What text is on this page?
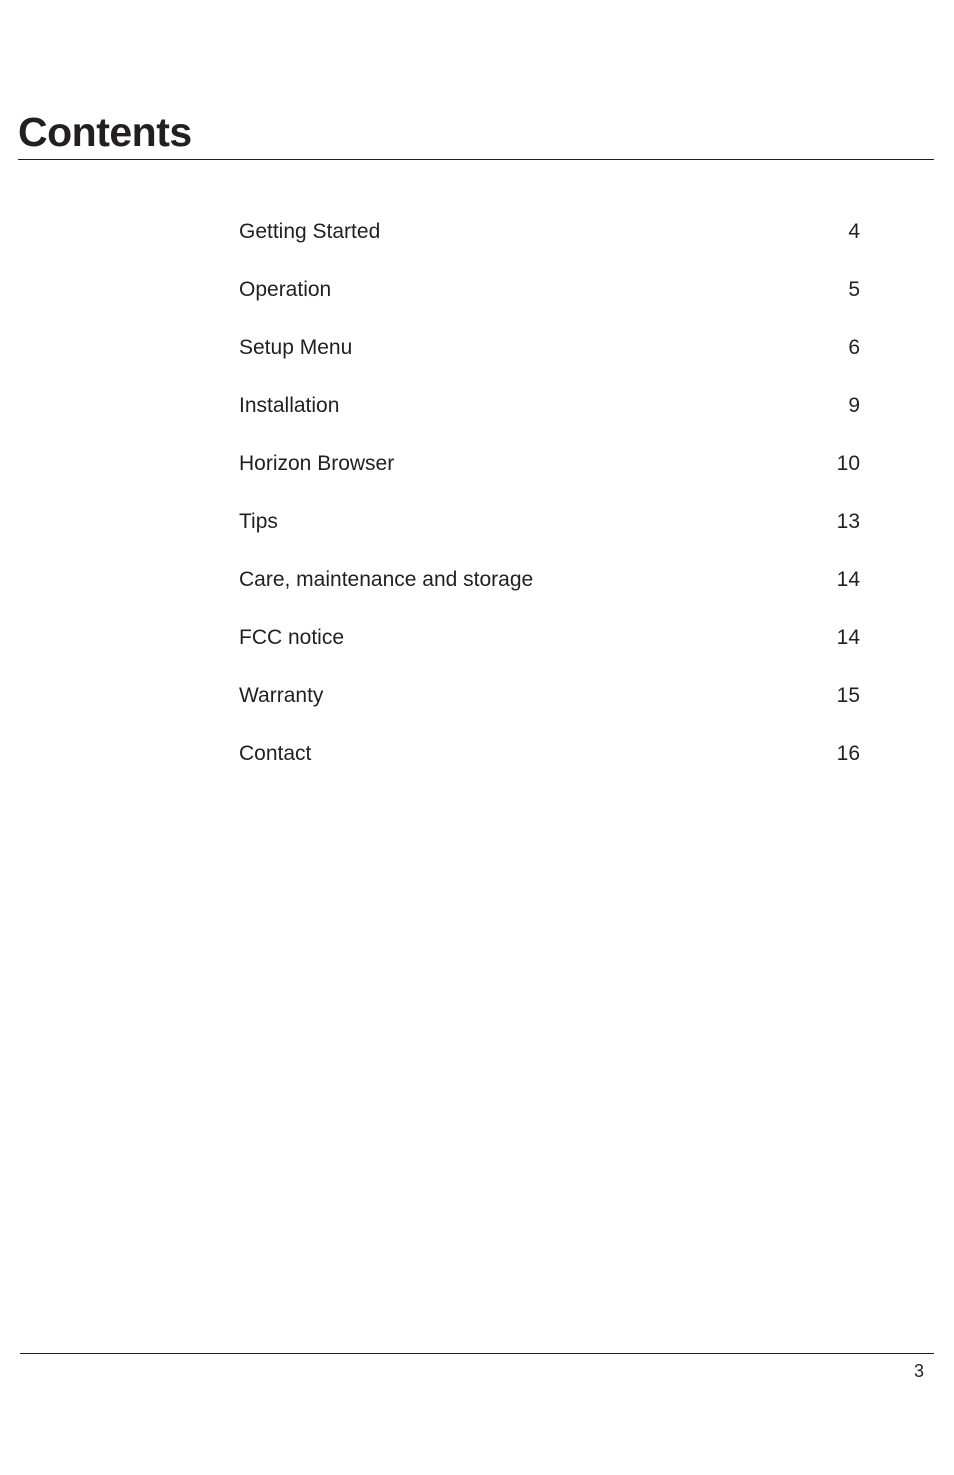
Contents
Getting Started	4
Operation	5
Setup Menu	6
Installation	9
Horizon Browser	10
Tips	13
Care, maintenance and storage	14
FCC notice	14
Warranty	15
Contact	16
3
